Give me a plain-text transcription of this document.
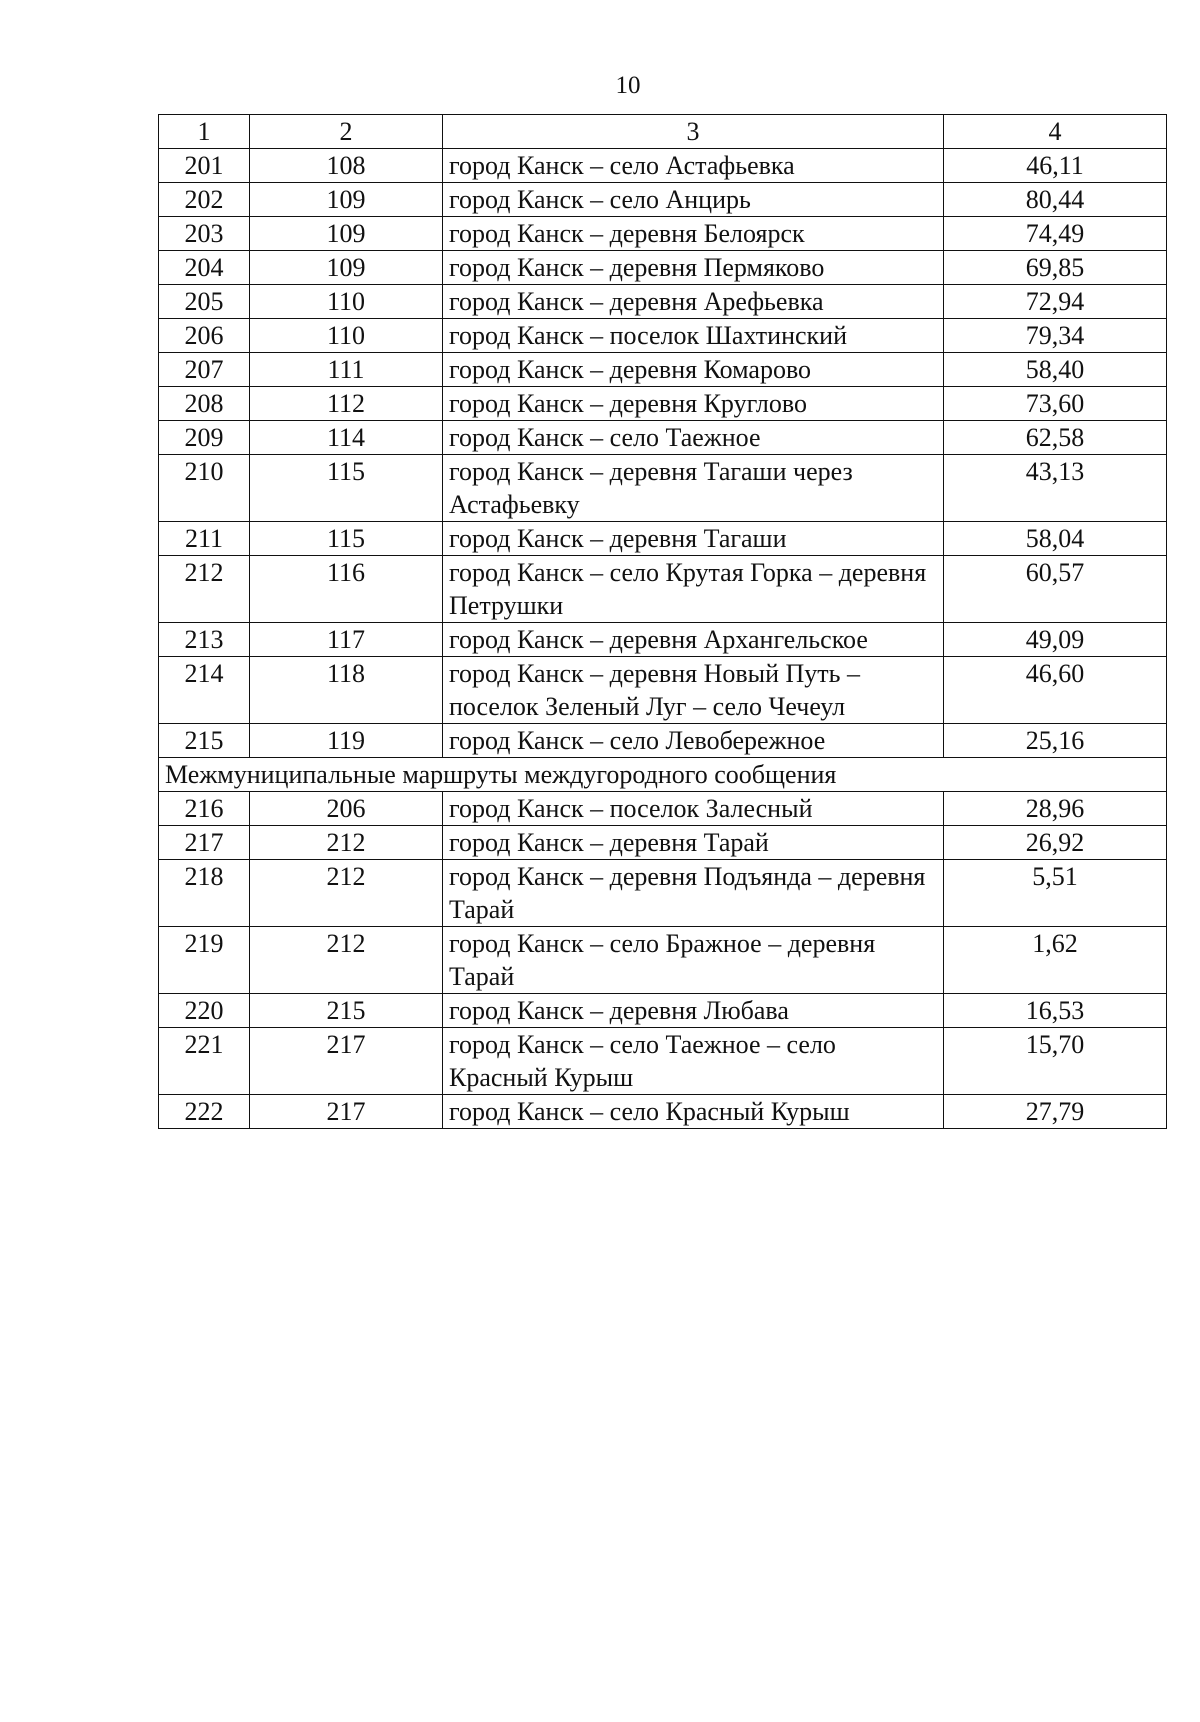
10
1	2	3	4
201	108	город Канск – село Астафьевка	46,11
202	109	город Канск – село Анцирь	80,44
203	109	город Канск – деревня Белоярск	74,49
204	109	город Канск – деревня Пермяково	69,85
205	110	город Канск – деревня Арефьевка	72,94
206	110	город Канск – поселок Шахтинский	79,34
207	111	город Канск – деревня Комарово	58,40
208	112	город Канск – деревня Круглово	73,60
209	114	город Канск – село Таежное	62,58
210	115	город Канск – деревня Тагаши через Астафьевку	43,13
211	115	город Канск – деревня Тагаши	58,04
212	116	город Канск – село Крутая Горка – деревня Петрушки	60,57
213	117	город Канск – деревня Архангельское	49,09
214	118	город Канск – деревня Новый Путь – поселок Зеленый Луг – село Чечеул	46,60
215	119	город Канск – село Левобережное	25,16
Межмуниципальные маршруты междугородного сообщения			
216	206	город Канск – поселок Залесный	28,96
217	212	город Канск – деревня Тарай	26,92
218	212	город Канск – деревня Подъянда – деревня Тарай	5,51
219	212	город Канск – село Бражное – деревня Тарай	1,62
220	215	город Канск – деревня Любава	16,53
221	217	город Канск – село Таежное – село Красный Курыш	15,70
222	217	город Канск – село Красный Курыш	27,79
